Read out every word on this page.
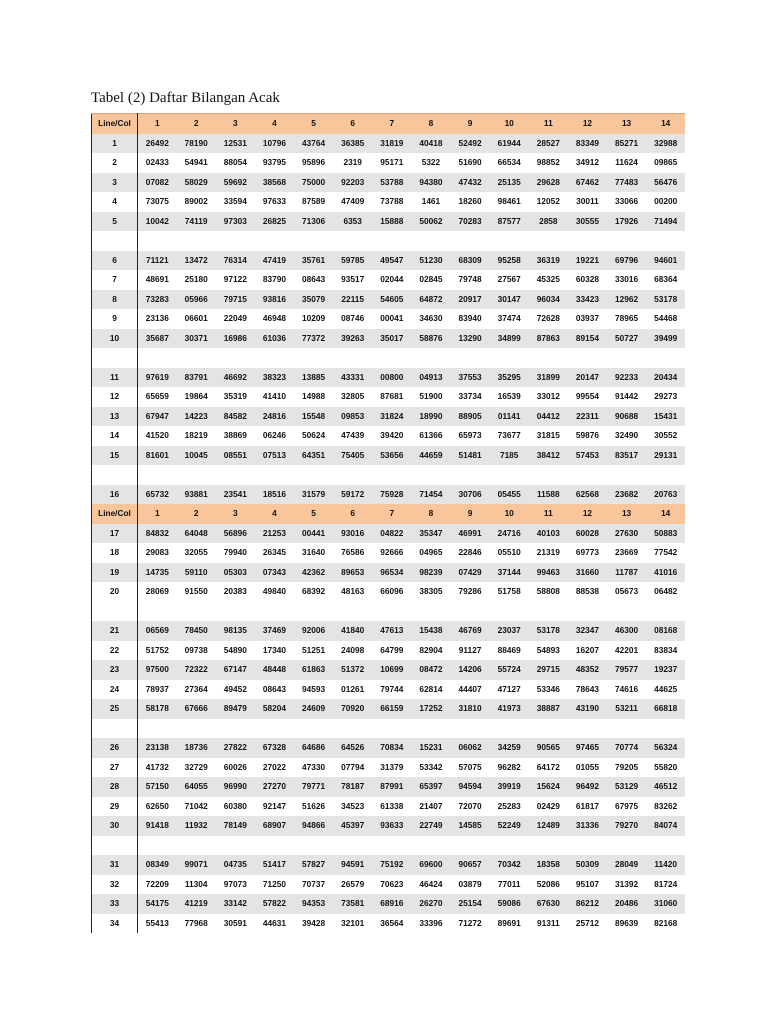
Tabel (2) Daftar Bilangan Acak
Line/Col	1	2	3	4	5	6	7	8	9	10	11	12	13	14
1	26492	78190	12531	10796	43764	36385	31819	40418	52492	61944	28527	83349	85271	32988
2	02433	54941	88054	93795	95896	2319	95171	5322	51690	66534	98852	34912	11624	09865
3	07082	58029	59692	38568	75000	92203	53788	94380	47432	25135	29628	67462	77483	56476
4	73075	89002	33594	97633	87589	47409	73788	1461	18260	98461	12052	30011	33066	00200
5	10042	74119	97303	26825	71306	6353	15888	50062	70283	87577	2858	30555	17926	71494

6	71121	13472	76314	47419	35761	59785	49547	51230	68309	95258	36319	19221	69796	94601
7	48691	25180	97122	83790	08643	93517	02044	02845	79748	27567	45325	60328	33016	68364
8	73283	05966	79715	93816	35079	22115	54605	64872	20917	30147	96034	33423	12962	53178
9	23136	06601	22049	46948	10209	08746	00041	34630	83940	37474	72628	03937	78965	54468
10	35687	30371	16986	61036	77372	39263	35017	58876	13290	34899	87863	89154	50727	39499

11	97619	83791	46692	38323	13885	43331	00800	04913	37553	35295	31899	20147	92233	20434
12	65659	19864	35319	41410	14988	32805	87681	51900	33734	16539	33012	99554	91442	29273
13	67947	14223	84582	24816	15548	09853	31824	18990	88905	01141	04412	22311	90688	15431
14	41520	18219	38869	06246	50624	47439	39420	61366	65973	73677	31815	59876	32490	30552
15	81601	10045	08551	07513	64351	75405	53656	44659	51481	7185	38412	57453	83517	29131

16	65732	93881	23541	18516	31579	59172	75928	71454	30706	05455	11588	62568	23682	20763
Line/Col	1	2	3	4	5	6	7	8	9	10	11	12	13	14
17	84832	64048	56896	21253	00441	93016	04822	35347	46991	24716	40103	60028	27630	50883
18	29083	32055	79940	26345	31640	76586	92666	04965	22846	05510	21319	69773	23669	77542
19	14735	59110	05303	07343	42362	89653	96534	98239	07429	37144	99463	31660	11787	41016
20	28069	91550	20383	49840	68392	48163	66096	38305	79286	51758	58808	88538	05673	06482

21	06569	78450	98135	37469	92006	41840	47613	15438	46769	23037	53178	32347	46300	08168
22	51752	09738	54890	17340	51251	24098	64799	82904	91127	88469	54893	16207	42201	83834
23	97500	72322	67147	48448	61863	51372	10699	08472	14206	55724	29715	48352	79577	19237
24	78937	27364	49452	08643	94593	01261	79744	62814	44407	47127	53346	78643	74616	44625
25	58178	67666	89479	58204	24609	70920	66159	17252	31810	41973	38887	43190	53211	66818

26	23138	18736	27822	67328	64686	64526	70834	15231	06062	34259	90565	97465	70774	56324
27	41732	32729	60026	27022	47330	07794	31379	53342	57075	96282	64172	01055	79205	55820
28	57150	64055	96990	27270	79771	78187	87991	65397	94594	39919	15624	96492	53129	46512
29	62650	71042	60380	92147	51626	34523	61338	21407	72070	25283	02429	61817	67975	83262
30	91418	11932	78149	68907	94866	45397	93633	22749	14585	52249	12489	31336	79270	84074

31	08349	99071	04735	51417	57827	94591	75192	69600	90657	70342	18358	50309	28049	11420
32	72209	11304	97073	71250	70737	26579	70623	46424	03879	77011	52086	95107	31392	81724
33	54175	41219	33142	57822	94353	73581	68916	26270	25154	59086	67630	86212	20486	31060
34	55413	77968	30591	44631	39428	32101	36564	33396	71272	89691	91311	25712	89639	82168
